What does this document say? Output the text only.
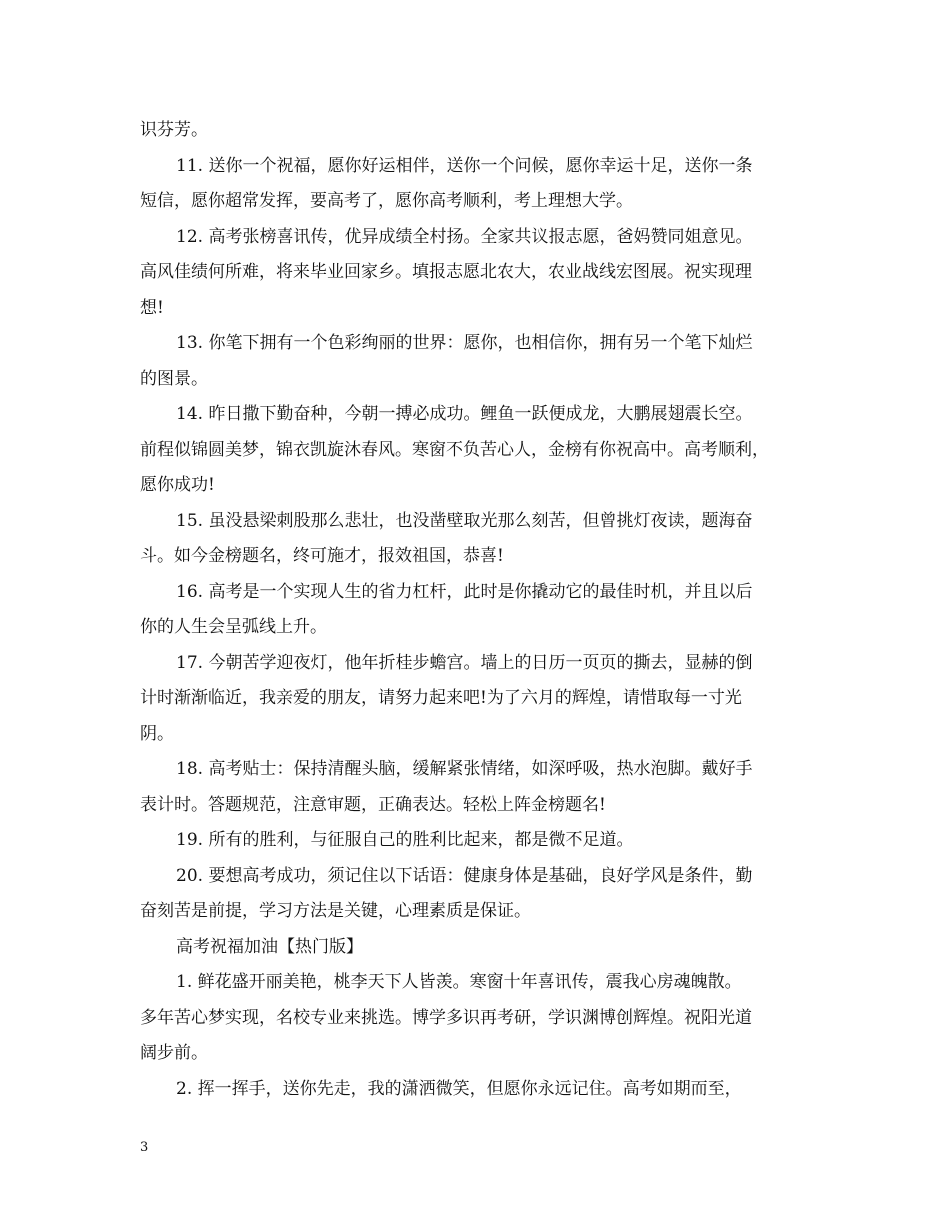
识芬芳。
11. 送你一个祝福，愿你好运相伴，送你一个问候，愿你幸运十足，送你一条
短信，愿你超常发挥，要高考了，愿你高考顺利，考上理想大学。
12. 高考张榜喜讯传，优异成绩全村扬。全家共议报志愿，爸妈赞同姐意见。
高风佳绩何所难，将来毕业回家乡。填报志愿北农大，农业战线宏图展。祝实现理
想!
13. 你笔下拥有一个色彩绚丽的世界：愿你，也相信你，拥有另一个笔下灿烂
的图景。
14. 昨日撒下勤奋种，今朝一搏必成功。鲤鱼一跃便成龙，大鹏展翅震长空。
前程似锦圆美梦，锦衣凯旋沐春风。寒窗不负苦心人，金榜有你祝高中。高考顺利，
愿你成功!
15. 虽没悬梁刺股那么悲壮，也没凿壁取光那么刻苦，但曾挑灯夜读，题海奋
斗。如今金榜题名，终可施才，报效祖国，恭喜!
16. 高考是一个实现人生的省力杠杆，此时是你撬动它的最佳时机，并且以后
你的人生会呈弧线上升。
17. 今朝苦学迎夜灯，他年折桂步蟾宫。墙上的日历一页页的撕去，显赫的倒
计时渐渐临近，我亲爱的朋友，请努力起来吧!为了六月的辉煌，请惜取每一寸光
阴。
18. 高考贴士：保持清醒头脑，缓解紧张情绪，如深呼吸，热水泡脚。戴好手
表计时。答题规范，注意审题，正确表达。轻松上阵金榜题名!
19. 所有的胜利，与征服自己的胜利比起来，都是微不足道。
20. 要想高考成功，须记住以下话语：健康身体是基础，良好学风是条件，勤
奋刻苦是前提，学习方法是关键，心理素质是保证。
高考祝福加油【热门版】
1. 鲜花盛开丽美艳，桃李天下人皆羡。寒窗十年喜讯传，震我心房魂魄散。
多年苦心梦实现，名校专业来挑选。博学多识再考研，学识渊博创辉煌。祝阳光道
阔步前。
2. 挥一挥手，送你先走，我的潇洒微笑，但愿你永远记住。高考如期而至，
3
